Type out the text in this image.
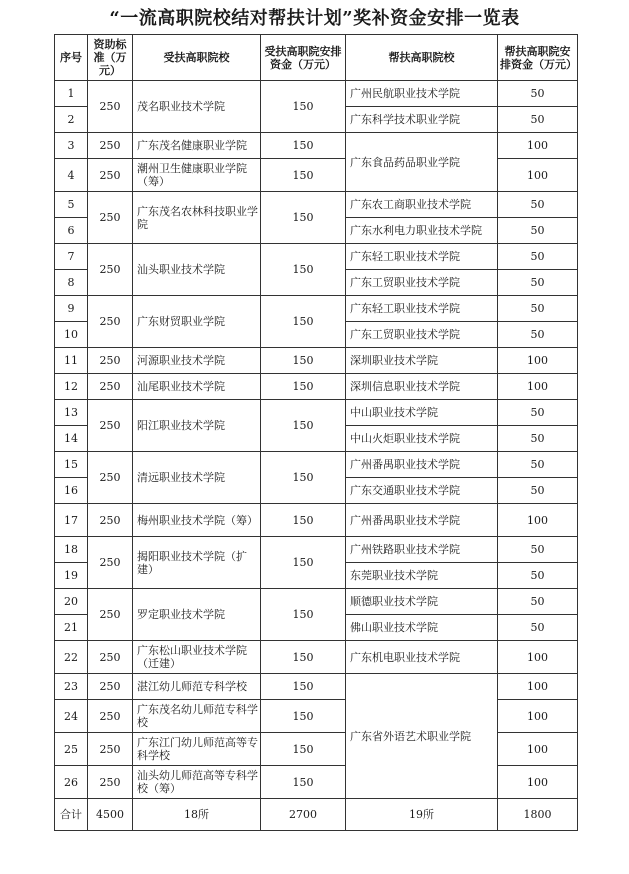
“一流高职院校结对帮扶计划”奖补资金安排一览表
序号	资助标准（万元）	受扶高职院校	受扶高职院安排资金（万元）	帮扶高职院校	帮扶高职院安排资金（万元）
1	250	茂名职业技术学院	150	广州民航职业技术学院	50
2				广东科学技术职业学院	50
3	250	广东茂名健康职业学院	150	广东食品药品职业学院	100
4	250	潮州卫生健康职业学院（筹）	150		100
5	250	广东茂名农林科技职业学院	150	广东农工商职业技术学院	50
6				广东水利电力职业技术学院	50
7	250	汕头职业技术学院	150	广东轻工职业技术学院	50
8				广东工贸职业技术学院	50
9	250	广东财贸职业学院	150	广东轻工职业技术学院	50
10				广东工贸职业技术学院	50
11	250	河源职业技术学院	150	深圳职业技术学院	100
12	250	汕尾职业技术学院	150	深圳信息职业技术学院	100
13	250	阳江职业技术学院	150	中山职业技术学院	50
14				中山火炬职业技术学院	50
15	250	清远职业技术学院	150	广州番禺职业技术学院	50
16				广东交通职业技术学院	50
17	250	梅州职业技术学院（筹）	150	广州番禺职业技术学院	100
18	250	揭阳职业技术学院（扩建）	150	广州铁路职业技术学院	50
19				东莞职业技术学院	50
20	250	罗定职业技术学院	150	顺德职业技术学院	50
21				佛山职业技术学院	50
22	250	广东松山职业技术学院（迁建）	150	广东机电职业技术学院	100
23	250	湛江幼儿师范专科学校	150	广东省外语艺术职业学院	100
24	250	广东茂名幼儿师范专科学校	150		100
25	250	广东江门幼儿师范高等专科学校	150		100
26	250	汕头幼儿师范高等专科学校（筹）	150		100
合计	4500	18所	2700	19所	1800
